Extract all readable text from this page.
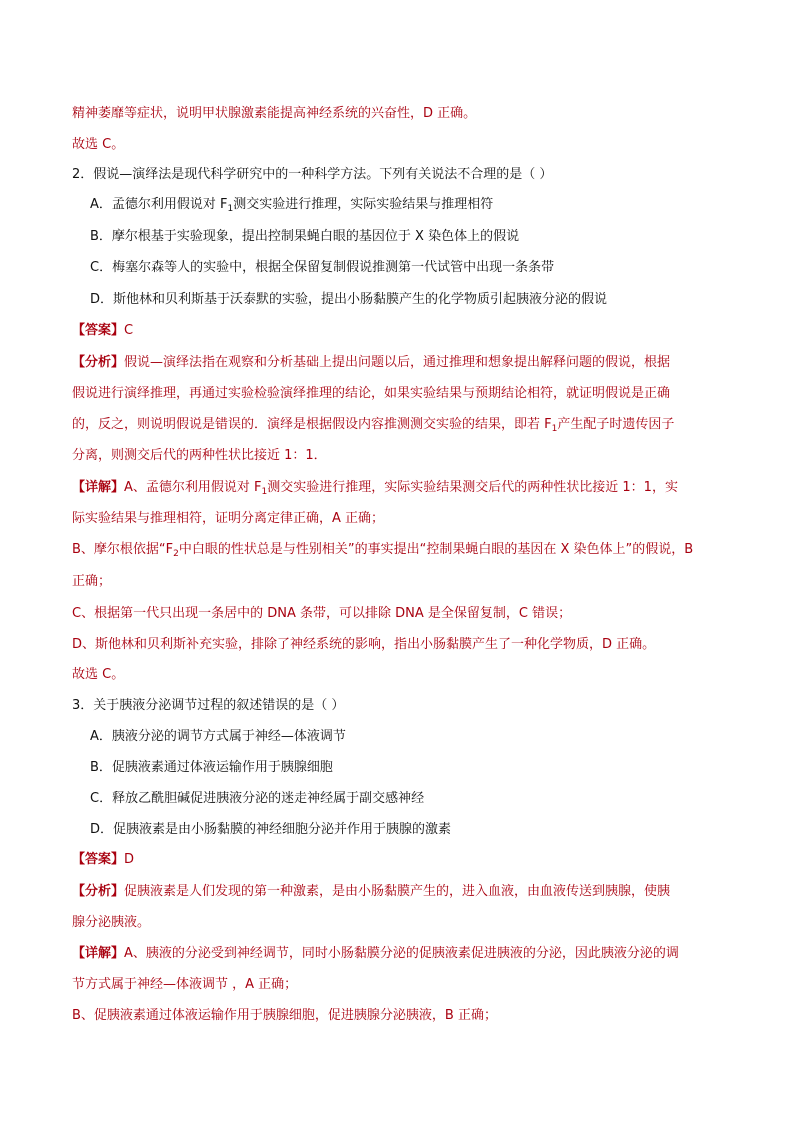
精神萎靡等症状，说明甲状腺激素能提高神经系统的兴奋性，D 正确。
故选 C。
2．假说—演绎法是现代科学研究中的一种科学方法。下列有关说法不合理的是（ ）
A．孟德尔利用假说对 $F_1$测交实验进行推理，实际实验结果与推理相符
B．摩尔根基于实验现象，提出控制果蝇白眼的基因位于 X 染色体上的假说
C．梅塞尔森等人的实验中，根据全保留复制假说推测第一代试管中出现一条条带
D．斯他林和贝利斯基于沃泰默的实验，提出小肠黏膜产生的化学物质引起胰液分泌的假说
【答案】C
【分析】假说—演绎法指在观察和分析基础上提出问题以后，通过推理和想象提出解释问题的假说，根据
假说进行演绎推理，再通过实验检验演绎推理的结论，如果实验结果与预期结论相符，就证明假说是正确
的，反之，则说明假说是错误的．演绎是根据假设内容推测测交实验的结果，即若 $F_1$产生配子时遗传因子
分离，则测交后代的两种性状比接近 1：1．
【详解】A、孟德尔利用假说对 $F_1$测交实验进行推理，实际实验结果测交后代的两种性状比接近 1：1，实
际实验结果与推理相符，证明分离定律正确，A 正确；
B、摩尔根依据“$F_2$中白眼的性状总是与性别相关”的事实提出“控制果蝇白眼的基因在 X 染色体上”的假说，B
正确；
C、根据第一代只出现一条居中的 DNA 条带，可以排除 DNA 是全保留复制，C 错误；
D、斯他林和贝利斯补充实验，排除了神经系统的影响，指出小肠黏膜产生了一种化学物质，D 正确。
故选 C。
3．关于胰液分泌调节过程的叙述错误的是（ ）
A．胰液分泌的调节方式属于神经—体液调节
B．促胰液素通过体液运输作用于胰腺细胞
C．释放乙酰胆碱促进胰液分泌的迷走神经属于副交感神经
D．促胰液素是由小肠黏膜的神经细胞分泌并作用于胰腺的激素
【答案】D
【分析】促胰液素是人们发现的第一种激素，是由小肠黏膜产生的，进入血液，由血液传送到胰腺，使胰
腺分泌胰液。
【详解】A、胰液的分泌受到神经调节，同时小肠黏膜分泌的促胰液素促进胰液的分泌，因此胰液分泌的调
节方式属于神经—体液调节 ，A 正确；
B、促胰液素通过体液运输作用于胰腺细胞，促进胰腺分泌胰液，B 正确；
